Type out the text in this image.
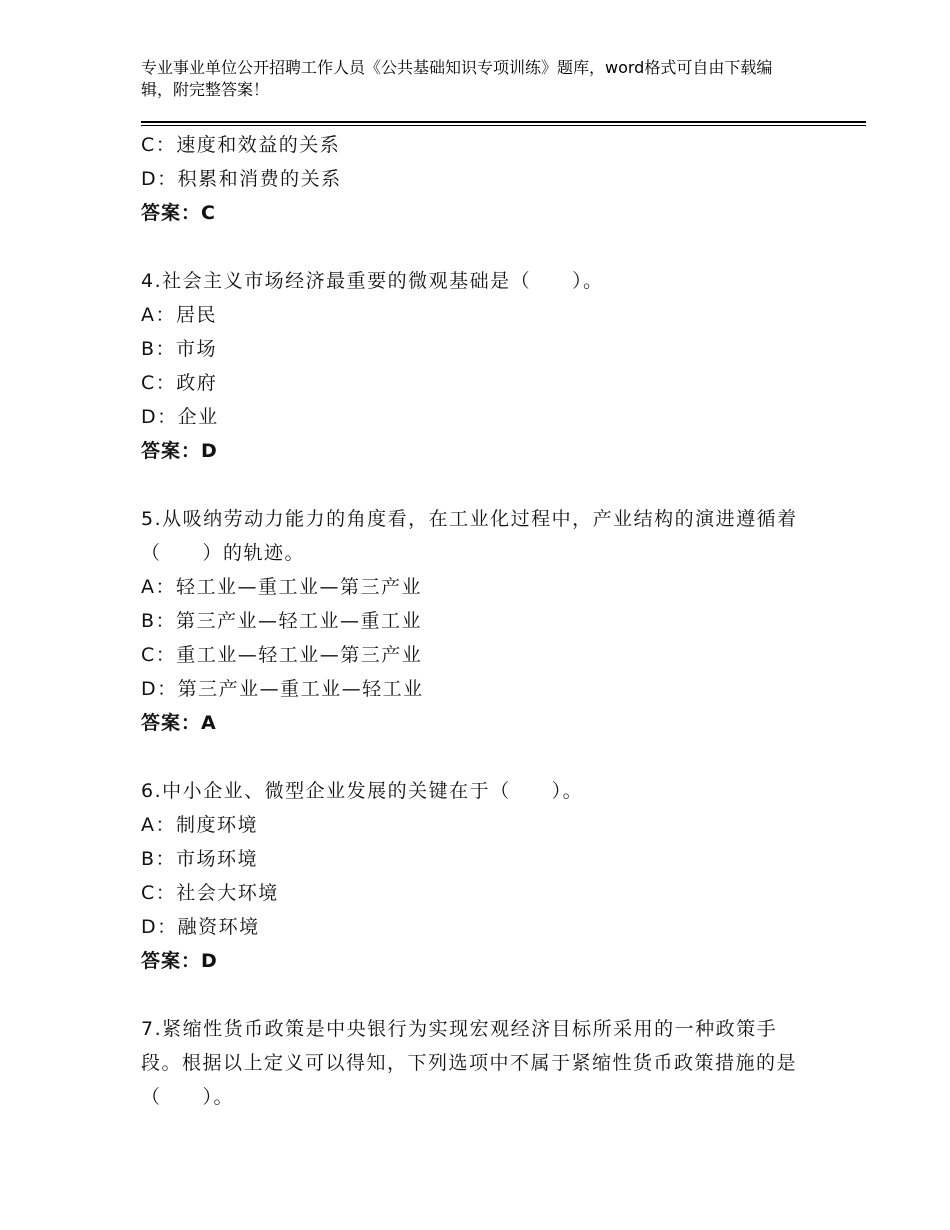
专业事业单位公开招聘工作人员《公共基础知识专项训练》题库，word格式可自由下载编辑，附完整答案！
C：速度和效益的关系
D：积累和消费的关系
答案：C
4.社会主义市场经济最重要的微观基础是（　　）。
A：居民
B：市场
C：政府
D：企业
答案：D
5.从吸纳劳动力能力的角度看，在工业化过程中，产业结构的演进遵循着（　　）的轨迹。
A：轻工业—重工业—第三产业
B：第三产业—轻工业—重工业
C：重工业—轻工业—第三产业
D：第三产业—重工业—轻工业
答案：A
6.中小企业、微型企业发展的关键在于（　　）。
A：制度环境
B：市场环境
C：社会大环境
D：融资环境
答案：D
7.紧缩性货币政策是中央银行为实现宏观经济目标所采用的一种政策手段。根据以上定义可以得知，下列选项中不属于紧缩性货币政策措施的是（　　）。
